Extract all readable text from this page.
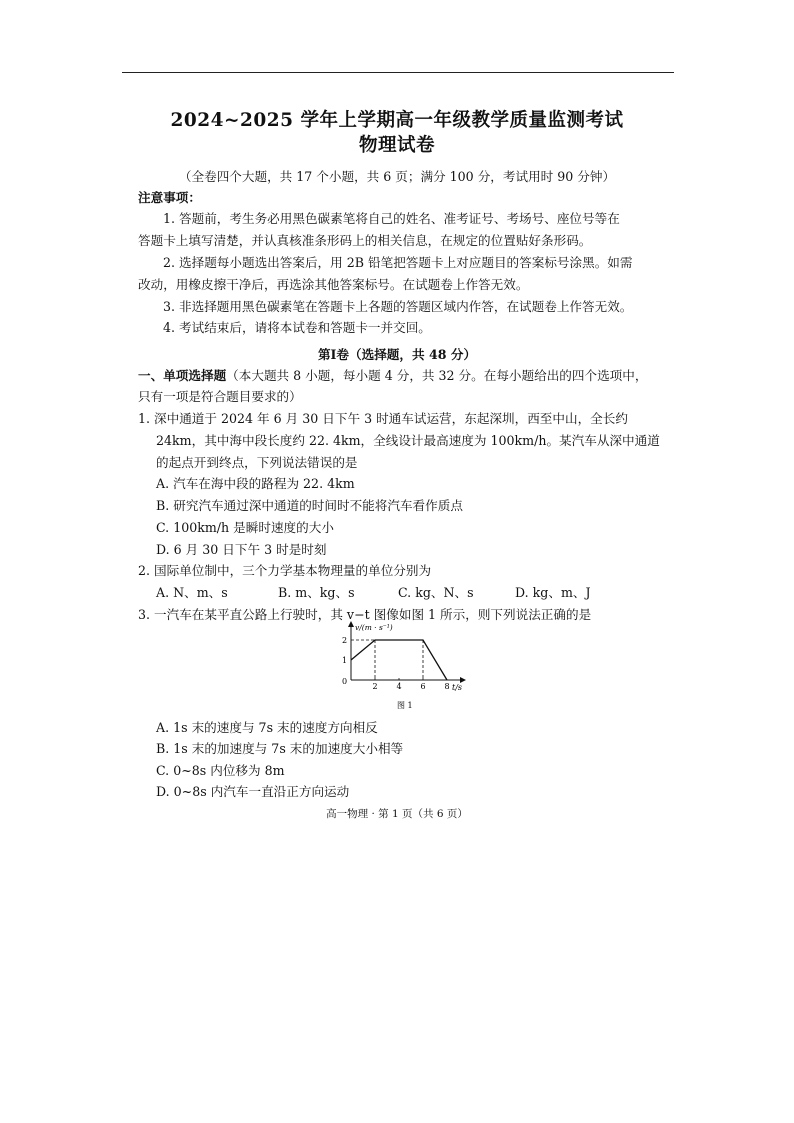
2024~2025 学年上学期高一年级教学质量监测考试
物理试卷
（全卷四个大题，共 17 个小题，共 6 页；满分 100 分，考试用时 90 分钟）
注意事项：
1. 答题前，考生务必用黑色碳素笔将自己的姓名、准考证号、考场号、座位号等在
答题卡上填写清楚，并认真核准条形码上的相关信息，在规定的位置贴好条形码。
2. 选择题每小题选出答案后，用 2B 铅笔把答题卡上对应题目的答案标号涂黑。如需
改动，用橡皮擦干净后，再选涂其他答案标号。在试题卷上作答无效。
3. 非选择题用黑色碳素笔在答题卡上各题的答题区域内作答，在试题卷上作答无效。
4. 考试结束后，请将本试卷和答题卡一并交回。
第Ⅰ卷（选择题，共 48 分）
一、单项选择题（本大题共 8 小题，每小题 4 分，共 32 分。在每小题给出的四个选项中，
只有一项是符合题目要求的）
1. 深中通道于 2024 年 6 月 30 日下午 3 时通车试运营，东起深圳，西至中山，全长约
24km，其中海中段长度约 22. 4km，全线设计最高速度为 100km/h。某汽车从深中通道
的起点开到终点，下列说法错误的是
A. 汽车在海中段的路程为 22. 4km
B. 研究汽车通过深中通道的时间时不能将汽车看作质点
C. 100km/h 是瞬时速度的大小
D. 6 月 30 日下午 3 时是时刻
2. 国际单位制中，三个力学基本物理量的单位分别为
A. N、m、s	B. m、kg、s	C. kg、N、s	D. kg、m、J
3. 一汽车在某平直公路上行驶时，其 v−t 图像如图 1 所示，则下列说法正确的是
v/(m · s⁻¹)
t/s
2 4 6 8
2
1
0
图 1
A. 1s 末的速度与 7s 末的速度方向相反
B. 1s 末的加速度与 7s 末的加速度大小相等
C. 0~8s 内位移为 8m
D. 0~8s 内汽车一直沿正方向运动
高一物理 · 第 1 页（共 6 页）
